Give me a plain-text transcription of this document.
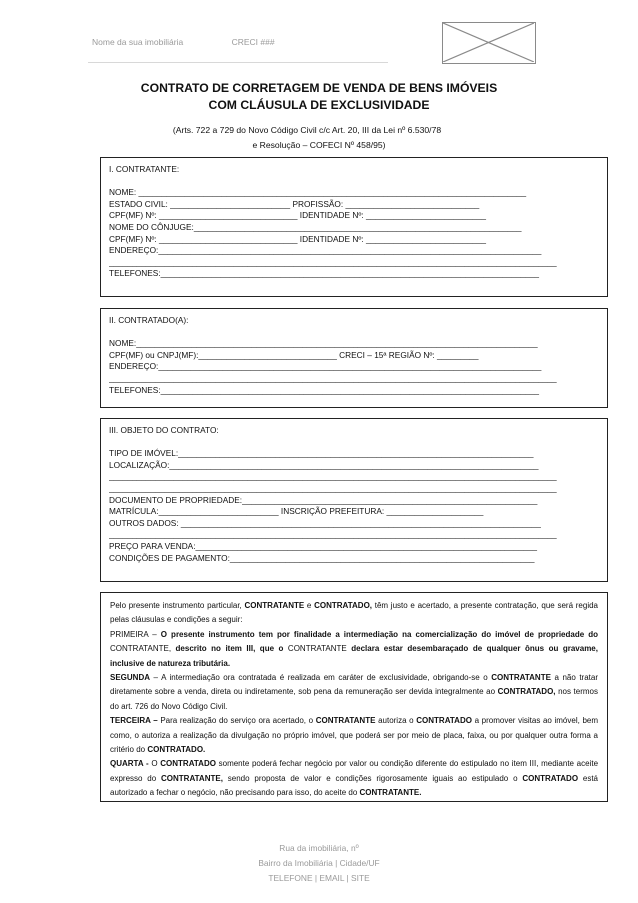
Nome da sua imobiliária	CRECI ###
CONTRATO DE CORRETAGEM DE VENDA DE BENS IMÓVEIS
COM CLÁUSULA DE EXCLUSIVIDADE
(Arts. 722 a 729 do Novo Código Civil c/c Art. 20, III da Lei nº 6.530/78
e Resolução – COFECI Nº 458/95)
I. CONTRATANTE:
NOME: ____________________________________________________________________________________
ESTADO CIVIL: __________________________ PROFISSÃO: _____________________________
CPF(MF) Nº: ______________________________ IDENTIDADE Nº: __________________________
NOME DO CÔNJUGE:_______________________________________________________________________
CPF(MF) Nº: ______________________________ IDENTIDADE Nº: __________________________
ENDEREÇO:___________________________________________________________________________________
_________________________________________________________________________________________________
TELEFONES:__________________________________________________________________________________
II. CONTRATADO(A):
NOME:_______________________________________________________________________________________
CPF(MF) ou CNPJ(MF):______________________________ CRECI – 15ª REGIÃO Nº: _________
ENDEREÇO:___________________________________________________________________________________
_________________________________________________________________________________________________
TELEFONES:__________________________________________________________________________________
III. OBJETO DO CONTRATO:
TIPO DE IMÓVEL:_____________________________________________________________________________
LOCALIZAÇÃO:________________________________________________________________________________
_________________________________________________________________________________________________
_________________________________________________________________________________________________
DOCUMENTO DE PROPRIEDADE:________________________________________________________________
MATRÍCULA:__________________________ INSCRIÇÃO PREFEITURA: _____________________
OUTROS DADOS: ______________________________________________________________________________
_________________________________________________________________________________________________
PREÇO PARA VENDA:__________________________________________________________________________
CONDIÇÕES DE PAGAMENTO:__________________________________________________________________

Pelo presente instrumento particular, CONTRATANTE e CONTRATADO, têm justo e acertado, a presente contratação, que será regida pelas cláusulas e condições a seguir:

PRIMEIRA – O presente instrumento tem por finalidade a intermediação na comercialização do imóvel de propriedade do CONTRATANTE, descrito no item III, que o CONTRATANTE declara estar desembaraçado de qualquer ônus ou gravame, inclusive de natureza tributária.

SEGUNDA – A intermediação ora contratada é realizada em caráter de exclusividade, obrigando-se o CONTRATANTE a não tratar diretamente sobre a venda, direta ou indiretamente, sob pena da remuneração ser devida integralmente ao CONTRATADO, nos termos do art. 726 do Novo Código Civil.

TERCEIRA – Para realização do serviço ora acertado, o CONTRATANTE autoriza o CONTRATADO a promover visitas ao imóvel, bem como, o autoriza a realização da divulgação no próprio imóvel, que poderá ser por meio de placa, faixa, ou por qualquer outra forma a critério do CONTRATADO.

QUARTA - O CONTRATADO somente poderá fechar negócio por valor ou condição diferente do estipulado no item III, mediante aceite expresso do CONTRATANTE, sendo proposta de valor e condições rigorosamente iguais ao estipulado o CONTRATADO está autorizado a fechar o negócio, não precisando para isso, do aceite do CONTRATANTE.

Rua da imobiliária, nº
Bairro da Imobiliária | Cidade/UF
TELEFONE | EMAIL | SITE
